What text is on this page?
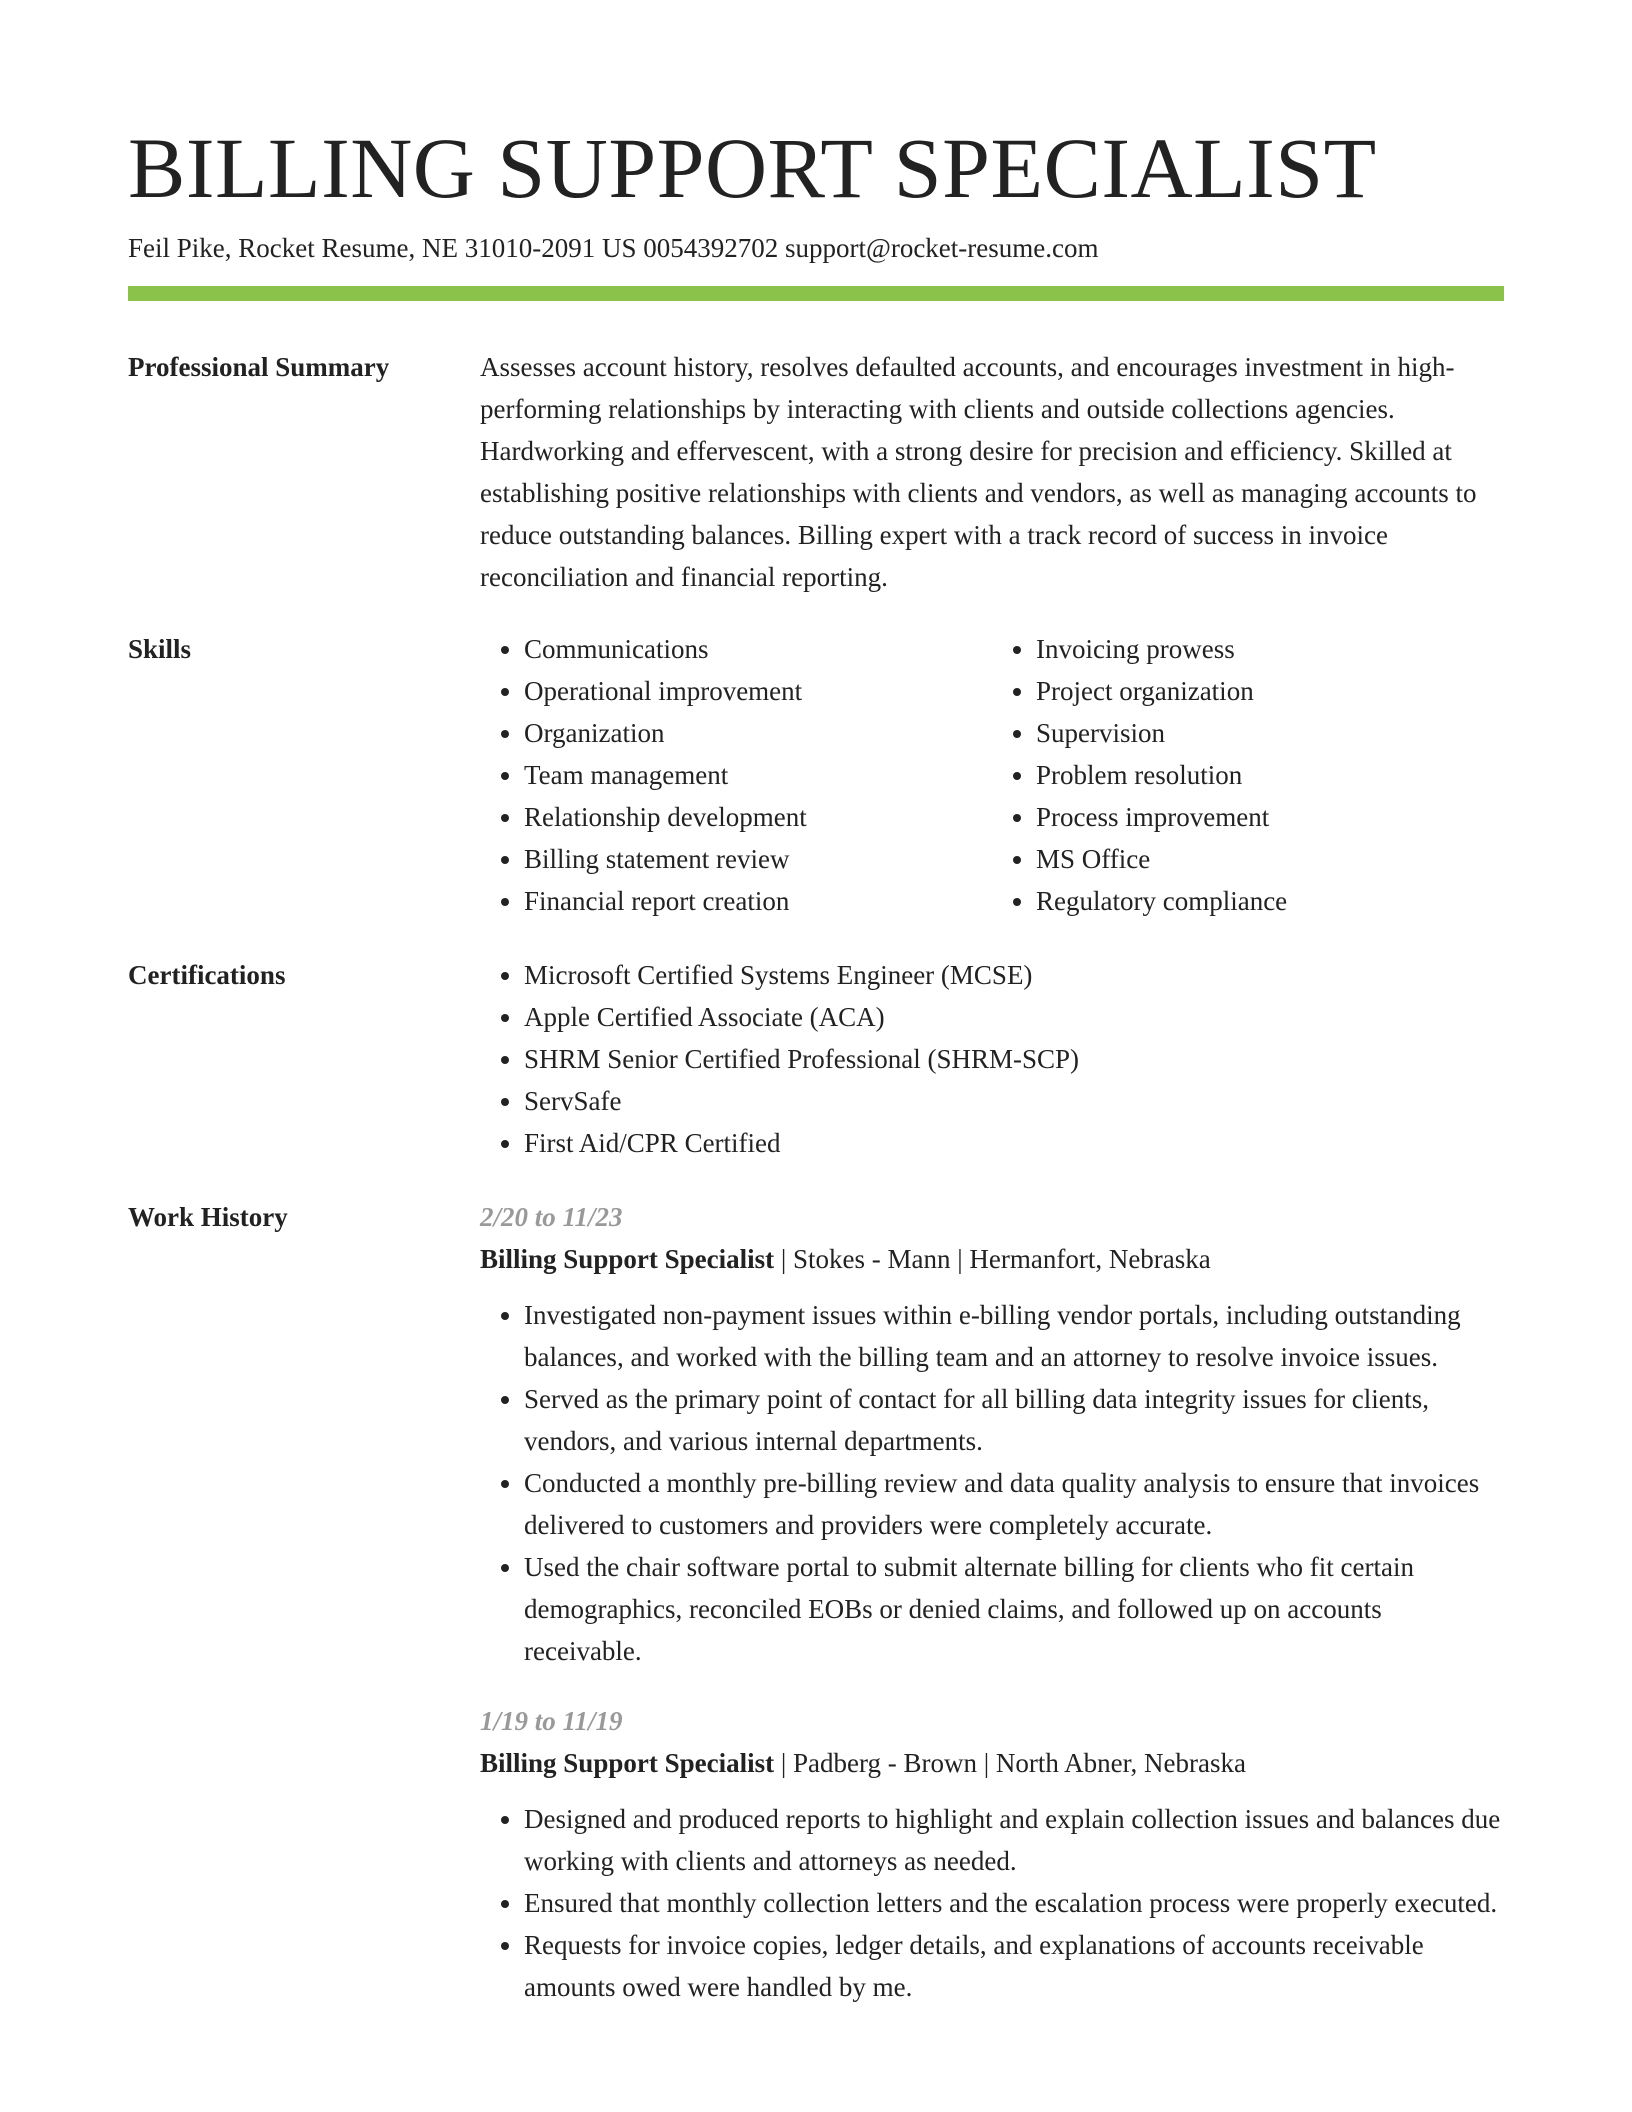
BILLING SUPPORT SPECIALIST
Feil Pike, Rocket Resume, NE 31010-2091 US 0054392702 support@rocket-resume.com
Professional Summary	Assesses account history, resolves defaulted accounts, and encourages investment in high-performing relationships by interacting with clients and outside collections agencies. Hardworking and effervescent, with a strong desire for precision and efficiency. Skilled at establishing positive relationships with clients and vendors, as well as managing accounts to reduce outstanding balances. Billing expert with a track record of success in invoice reconciliation and financial reporting.

Skills	• Communications
• Operational improvement
• Organization
• Team management
• Relationship development
• Billing statement review
• Financial report creation
• Invoicing prowess
• Project organization
• Supervision
• Problem resolution
• Process improvement
• MS Office
• Regulatory compliance
Certifications	• Microsoft Certified Systems Engineer (MCSE)
• Apple Certified Associate (ACA)
• SHRM Senior Certified Professional (SHRM-SCP)
• ServSafe
• First Aid/CPR Certified
Work History	2/20 to 11/23
Billing Support Specialist | Stokes - Mann | Hermanfort, Nebraska
• Investigated non-payment issues within e-billing vendor portals, including outstanding balances, and worked with the billing team and an attorney to resolve invoice issues.
• Served as the primary point of contact for all billing data integrity issues for clients, vendors, and various internal departments.
• Conducted a monthly pre-billing review and data quality analysis to ensure that invoices delivered to customers and providers were completely accurate.
• Used the chair software portal to submit alternate billing for clients who fit certain demographics, reconciled EOBs or denied claims, and followed up on accounts receivable.
1/19 to 11/19
Billing Support Specialist | Padberg - Brown | North Abner, Nebraska
• Designed and produced reports to highlight and explain collection issues and balances due working with clients and attorneys as needed.
• Ensured that monthly collection letters and the escalation process were properly executed.
• Requests for invoice copies, ledger details, and explanations of accounts receivable amounts owed were handled by me.
